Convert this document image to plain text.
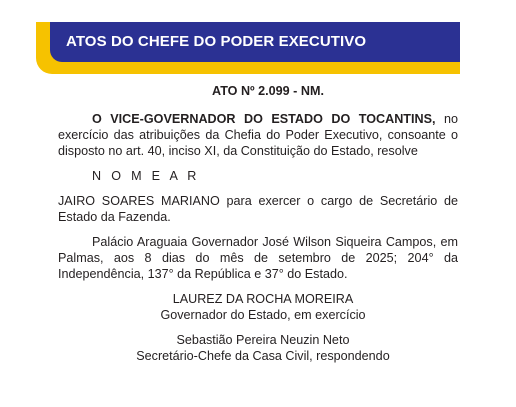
ATOS DO CHEFE DO PODER EXECUTIVO
ATO Nº 2.099 - NM.

O VICE-GOVERNADOR DO ESTADO DO TOCANTINS, no exercício das atribuições da Chefia do Poder Executivo, consoante o disposto no art. 40, inciso XI, da Constituição do Estado, resolve

N O M E A R

JAIRO SOARES MARIANO para exercer o cargo de Secretário de Estado da Fazenda.

Palácio Araguaia Governador José Wilson Siqueira Campos, em Palmas, aos 8 dias do mês de setembro de 2025; 204° da Independência, 137° da República e 37° do Estado.

LAUREZ DA ROCHA MOREIRA

Governador do Estado, em exercício

Sebastião Pereira Neuzin Neto

Secretário-Chefe da Casa Civil, respondendo
